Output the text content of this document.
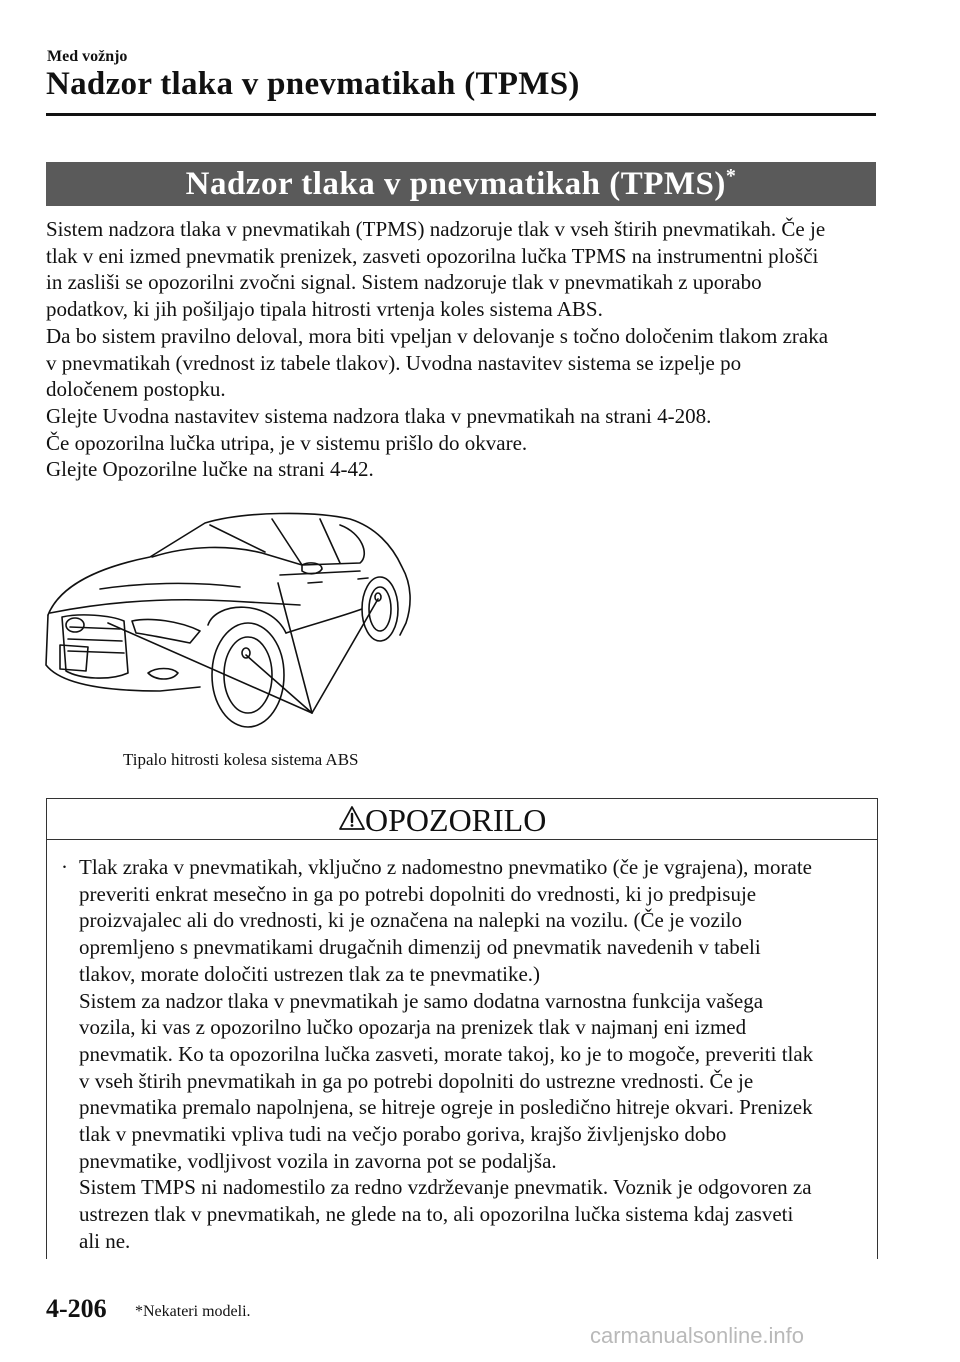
Med vožnjo
Nadzor tlaka v pnevmatikah (TPMS)
Nadzor tlaka v pnevmatikah (TPMS)*
Sistem nadzora tlaka v pnevmatikah (TPMS) nadzoruje tlak v vseh štirih pnevmatikah. Če je
tlak v eni izmed pnevmatik prenizek, zasveti opozorilna lučka TPMS na instrumentni plošči
in zasliši se opozorilni zvočni signal. Sistem nadzoruje tlak v pnevmatikah z uporabo
podatkov, ki jih pošiljajo tipala hitrosti vrtenja koles sistema ABS.
Da bo sistem pravilno deloval, mora biti vpeljan v delovanje s točno določenim tlakom zraka
v pnevmatikah (vrednost iz tabele tlakov). Uvodna nastavitev sistema se izpelje po
določenem postopku.
Glejte Uvodna nastavitev sistema nadzora tlaka v pnevmatikah na strani 4-208.
Če opozorilna lučka utripa, je v sistemu prišlo do okvare.
Glejte Opozorilne lučke na strani 4-42.
Tipalo hitrosti kolesa sistema ABS
OPOZORILO
· Tlak zraka v pnevmatikah, vključno z nadomestno pnevmatiko (če je vgrajena), morate
preveriti enkrat mesečno in ga po potrebi dopolniti do vrednosti, ki jo predpisuje
proizvajalec ali do vrednosti, ki je označena na nalepki na vozilu. (Če je vozilo
opremljeno s pnevmatikami drugačnih dimenzij od pnevmatik navedenih v tabeli
tlakov, morate določiti ustrezen tlak za te pnevmatike.)
Sistem za nadzor tlaka v pnevmatikah je samo dodatna varnostna funkcija vašega
vozila, ki vas z opozorilno lučko opozarja na prenizek tlak v najmanj eni izmed
pnevmatik. Ko ta opozorilna lučka zasveti, morate takoj, ko je to mogoče, preveriti tlak
v vseh štirih pnevmatikah in ga po potrebi dopolniti do ustrezne vrednosti. Če je
pnevmatika premalo napolnjena, se hitreje ogreje in posledično hitreje okvari. Prenizek
tlak v pnevmatiki vpliva tudi na večjo porabo goriva, krajšo življenjsko dobo
pnevmatike, vodljivost vozila in zavorna pot se podaljša.
Sistem TMPS ni nadomestilo za redno vzdrževanje pnevmatik. Voznik je odgovoren za
ustrezen tlak v pnevmatikah, ne glede na to, ali opozorilna lučka sistema kdaj zasveti
ali ne.
4-206 *Nekateri modeli.
carmanualsonline.info
